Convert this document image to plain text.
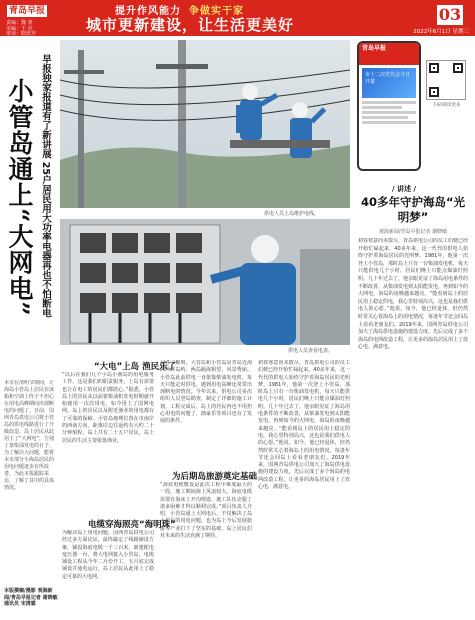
青岛早报
责编：魏 蕾
美编：王 亮
审读：欧欣芹
提升作风能力 争做实干家
城市更新建设，让生活更美好
03
2022年6月1日 星期三
早报独家报道有了新讲展 25户居民用大功率电器再也不怕断电
小管岛通上“大网电”
本市在清明节期间，让海岛小管岛上居民在冰箱和空调上终于不担心在用电高峰期间出现断电的问题了。日前，国网青岛供电公司将小管岛的供电线路进行了升级改造，岛上居民从此用上了“大网电”，告别了靠柴油发电的日子。为了解决大问题，能将本市部分小海岛居民的用电问题逐步有所改善，为此本报跟踪采访，了解了其中的具体情况。
本版撰稿/摄影 观海新闻/青岛早报记者 谢晓敏 通讯员 宋清霖
供电人员上岛维护电线。
供电人员查看电表。
“大电”上岛 渔民乐了
“以后在我们几个小岛小渔岛的用电服务工作，这是我们的职责服务，上岛有需要也让在电工的居民们都放心。”据悉，小管岛上的居民从以前靠柴油机发电时期就开始使用一次次用电，如今用上了国网电网，岛上的居民以及附近渔业的用电都有了可靠的保障。小管岛地理位置在市南岸的西南方向，距离岸边往返约有大约二十分钟船程，岛上共有二十五户居民，岛上居民的生活主要依靠渔业。
电缆穿海照亮“海明珠”
为解决岛上用电问题，国网青岛供电公司经过多方面论证，最终敲定了线路铺设方案，铺设海底电缆一千三百米，新建配电变压器一台，将大电网接入小管岛。电缆铺设工程从今年二月份开工，五月底完成铺设并通电运行，岛上居民从此用上了稳定可靠的大电网。
记者了解到，大管岛和小管岛是青岛近海的两座岛屿，两岛隔海相望，风景秀丽。小管岛此前供电一直依靠柴油发电机，每天只能定时供电，遇到用电高峰还常常出现断电的情况。今年以来，供电公司多次组织人员登岛勘查，制定了详细的施工计划。工程完成后，岛上的居民再也不用担心用电的问题了，渔家乐等项目也有了发展的条件。
为后期岛旅游奠定基础
“海底电缆敷设是此次工程中难度最大的一段，施工期间海上风浪较大，海底电缆需要在海床上开沟埋设，施工队伍克服了诸多困难才得以顺利完成。”项目负责人介绍，小管岛通上大网电后，不仅解决了岛上居民的用电问题，也为岛上今后发展旅游等产业打下了坚实的基础，岛上居民们对未来的生活充满了期待。
初春寒意尚未散尽，青岛供电公司的员工们便已经开始忙碌起来，40多年来，这一代代的供电人始终守护着海岛居民的光明梦。1981年，他第一次登上小管岛，那时岛上只有一台柴油发电机，每天只能供电几个小时，居民们晚上只能点煤油灯照明。几十年过去了，他亲眼见证了海岛用电条件的不断改善，从柴油发电到太阳能发电，再到如今的大网电，海岛的夜晚越来越亮。“能看到岛上的居民用上稳定的电，我心里特别高兴，这也是我们供电人的心愿。”他说。如今，他已经退休，但仍然时常关心着海岛上的用电情况，每逢年节还会回岛上看看老朋友们。2019年来，国网青岛供电公司加大了海岛供电设施的建设力度，先后完成了多个海岛的电网改造工程，让更多的海岛居民用上了放心电、满意电。
青岛早报
市十二次党代会今日开幕
扫码阅读更多
/ 讲述 /
40多年守护海岛“光明梦”
观海新闻/青岛早报记者 谢晓敏
初春寒意尚未散尽，青岛供电公司的员工们便已经开始忙碌起来，40多年来，这一代代的供电人始终守护着海岛居民的光明梦。1981年，他第一次登上小管岛，那时岛上只有一台柴油发电机，每天只能供电几个小时，居民们晚上只能点煤油灯照明。几十年过去了，他亲眼见证了海岛用电条件的不断改善，从柴油发电到太阳能发电，再到如今的大网电，海岛的夜晚越来越亮。“能看到岛上的居民用上稳定的电，我心里特别高兴，这也是我们供电人的心愿。”他说。如今，他已经退休，但仍然时常关心着海岛上的用电情况，每逢年节还会回岛上看看老朋友们。2019年来，国网青岛供电公司加大了海岛供电设施的建设力度，先后完成了多个海岛的电网改造工程，让更多的海岛居民用上了放心电、满意电。
